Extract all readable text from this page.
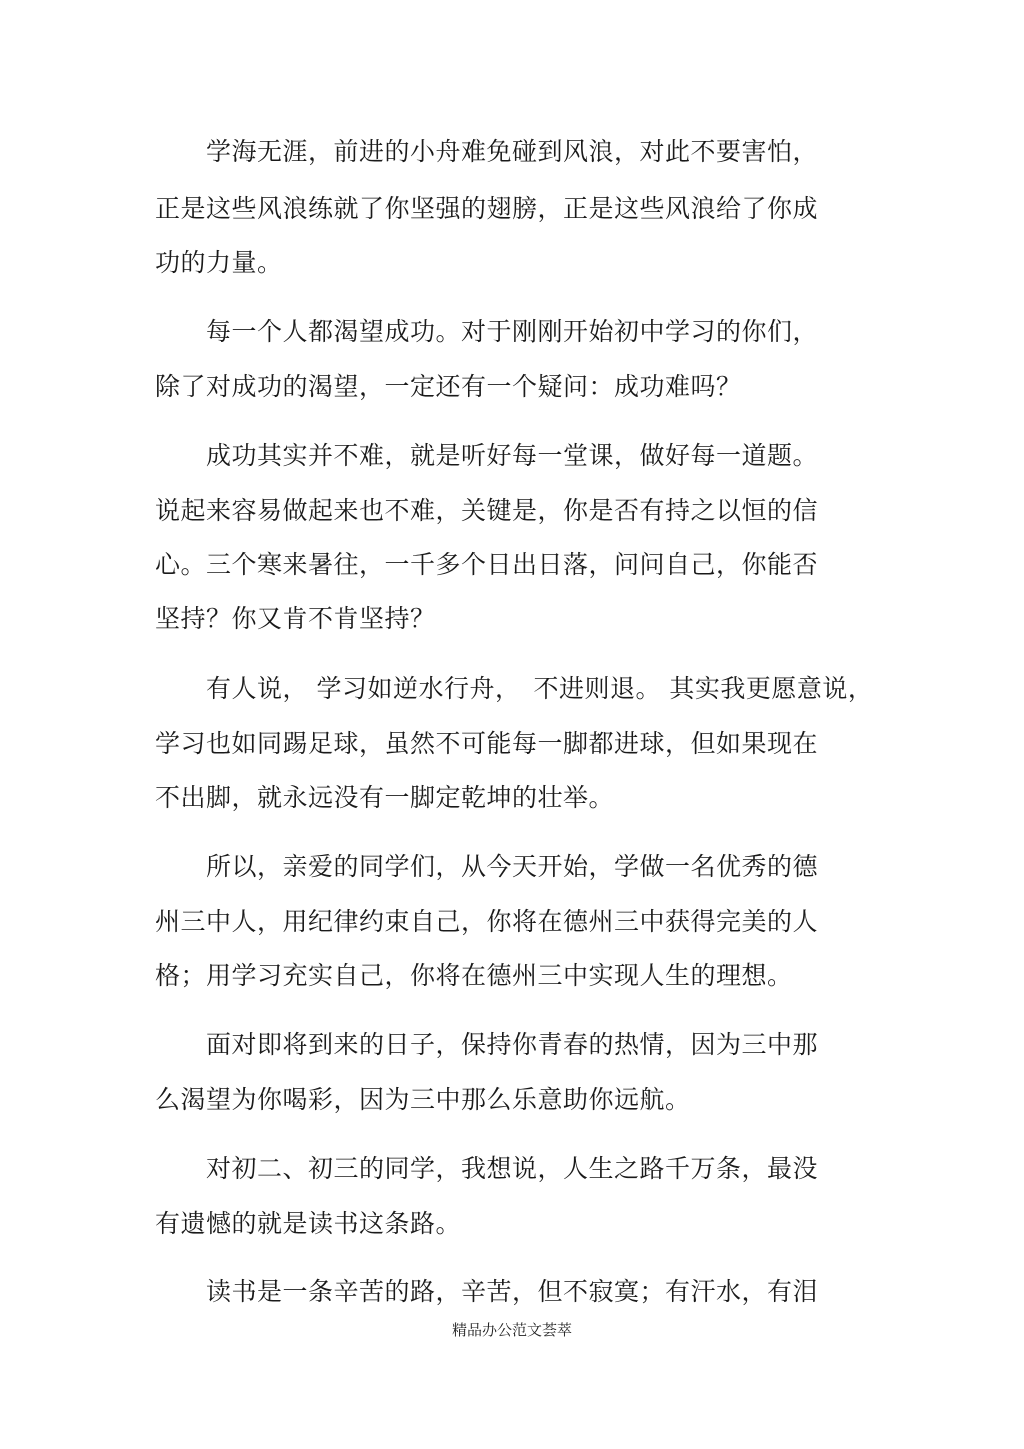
　　学海无涯，前进的小舟难免碰到风浪，对此不要害怕，
正是这些风浪练就了你坚强的翅膀，正是这些风浪给了你成
功的力量。
　　每一个人都渴望成功。对于刚刚开始初中学习的你们，
除了对成功的渴望，一定还有一个疑问：成功难吗？
　　成功其实并不难，就是听好每一堂课，做好每一道题。
说起来容易做起来也不难，关键是，你是否有持之以恒的信
心。三个寒来暑往，一千多个日出日落，问问自己，你能否
坚持？你又肯不肯坚持？
　　有人说， 学习如逆水行舟，　不进则退。 其实我更愿意说，
学习也如同踢足球，虽然不可能每一脚都进球，但如果现在
不出脚，就永远没有一脚定乾坤的壮举。
　　所以，亲爱的同学们，从今天开始，学做一名优秀的德
州三中人，用纪律约束自己，你将在德州三中获得完美的人
格；用学习充实自己，你将在德州三中实现人生的理想。
　　面对即将到来的日子，保持你青春的热情，因为三中那
么渴望为你喝彩，因为三中那么乐意助你远航。
　　对初二、初三的同学，我想说，人生之路千万条，最没
有遗憾的就是读书这条路。
　　读书是一条辛苦的路，辛苦，但不寂寞；有汗水，有泪
精品办公范文荟萃
